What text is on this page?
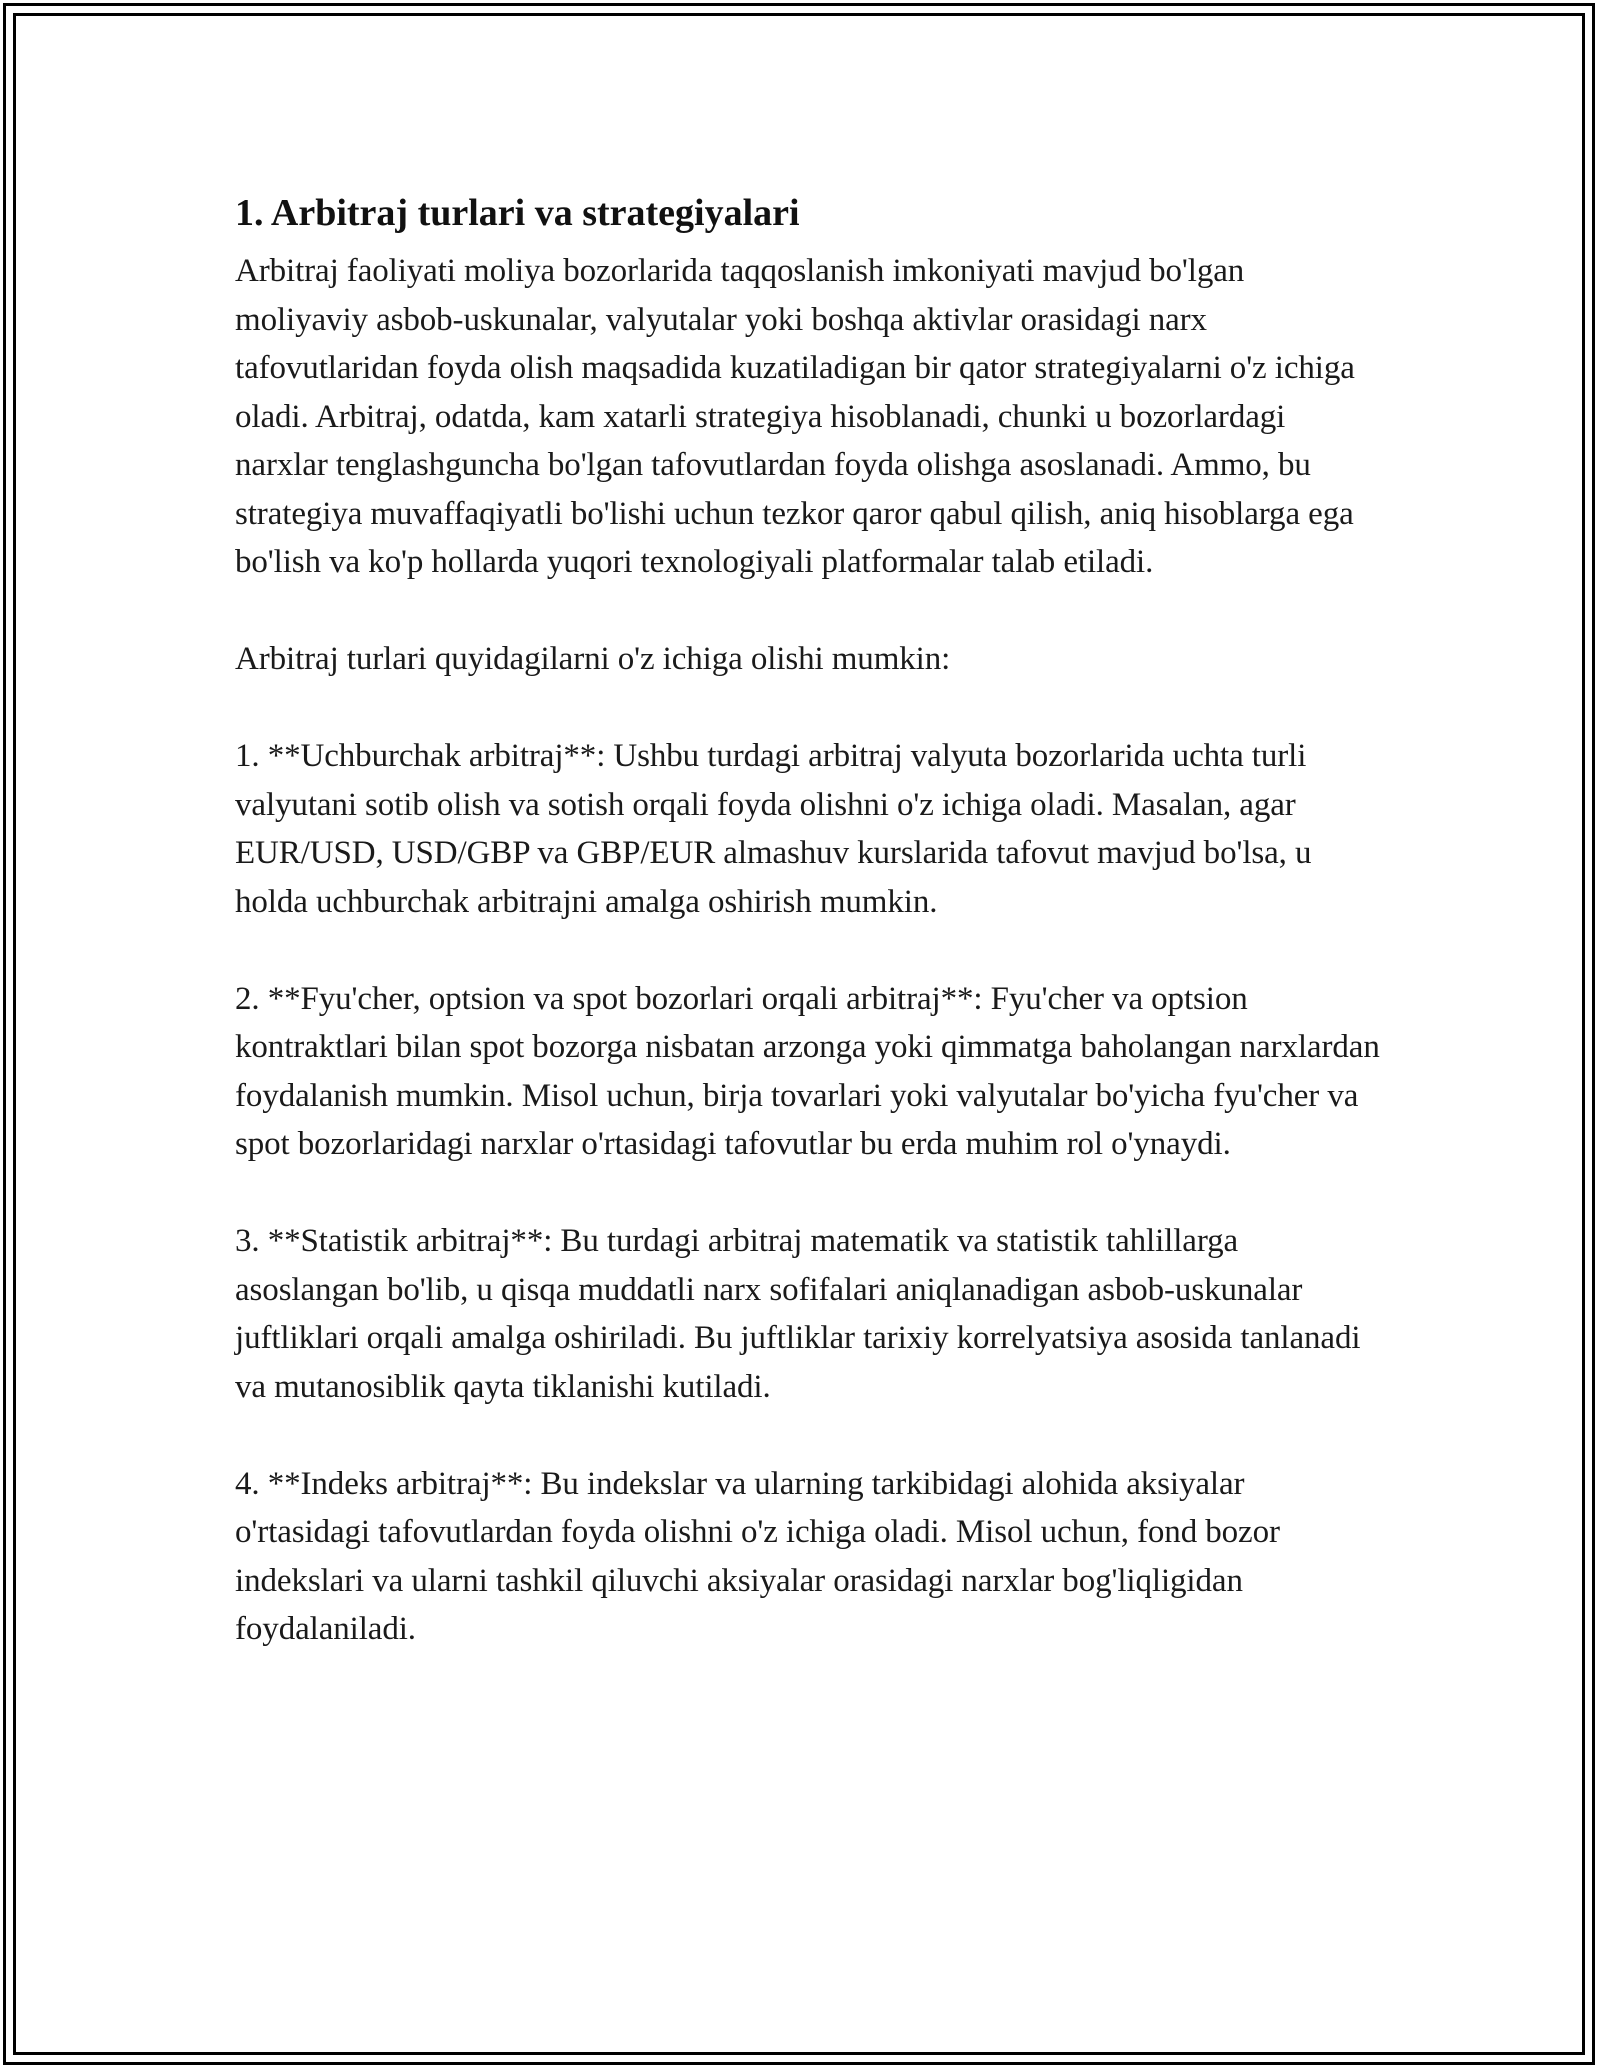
1. Arbitraj turlari va strategiyalari

Arbitraj faoliyati moliya bozorlarida taqqoslanish imkoniyati mavjud bo'lgan moliyaviy asbob-uskunalar, valyutalar yoki boshqa aktivlar orasidagi narx tafovutlaridan foyda olish maqsadida kuzatiladigan bir qator strategiyalarni o'z ichiga oladi. Arbitraj, odatda, kam xatarli strategiya hisoblanadi, chunki u bozorlardagi narxlar tenglashguncha bo'lgan tafovutlardan foyda olishga asoslanadi. Ammo, bu strategiya muvaffaqiyatli bo'lishi uchun tezkor qaror qabul qilish, aniq hisoblarga ega bo'lish va ko'p hollarda yuqori texnologiyali platformalar talab etiladi.

Arbitraj turlari quyidagilarni o'z ichiga olishi mumkin:

1. **Uchburchak arbitraj**: Ushbu turdagi arbitraj valyuta bozorlarida uchta turli valyutani sotib olish va sotish orqali foyda olishni o'z ichiga oladi. Masalan, agar EUR/USD, USD/GBP va GBP/EUR almashuv kurslarida tafovut mavjud bo'lsa, u holda uchburchak arbitrajni amalga oshirish mumkin.

2. **Fyu'cher, optsion va spot bozorlari orqali arbitraj**: Fyu'cher va optsion kontraktlari bilan spot bozorga nisbatan arzonga yoki qimmatga baholangan narxlardan foydalanish mumkin. Misol uchun, birja tovarlari yoki valyutalar bo'yicha fyu'cher va spot bozorlaridagi narxlar o'rtasidagi tafovutlar bu erda muhim rol o'ynaydi.

3. **Statistik arbitraj**: Bu turdagi arbitraj matematik va statistik tahlillarga asoslangan bo'lib, u qisqa muddatli narx sofifalari aniqlanadigan asbob-uskunalar juftliklari orqali amalga oshiriladi. Bu juftliklar tarixiy korrelyatsiya asosida tanlanadi va mutanosiblik qayta tiklanishi kutiladi.

4. **Indeks arbitraj**: Bu indekslar va ularning tarkibidagi alohida aksiyalar o'rtasidagi tafovutlardan foyda olishni o'z ichiga oladi. Misol uchun, fond bozor indekslari va ularni tashkil qiluvchi aksiyalar orasidagi narxlar bog'liqligidan foydalaniladi.
